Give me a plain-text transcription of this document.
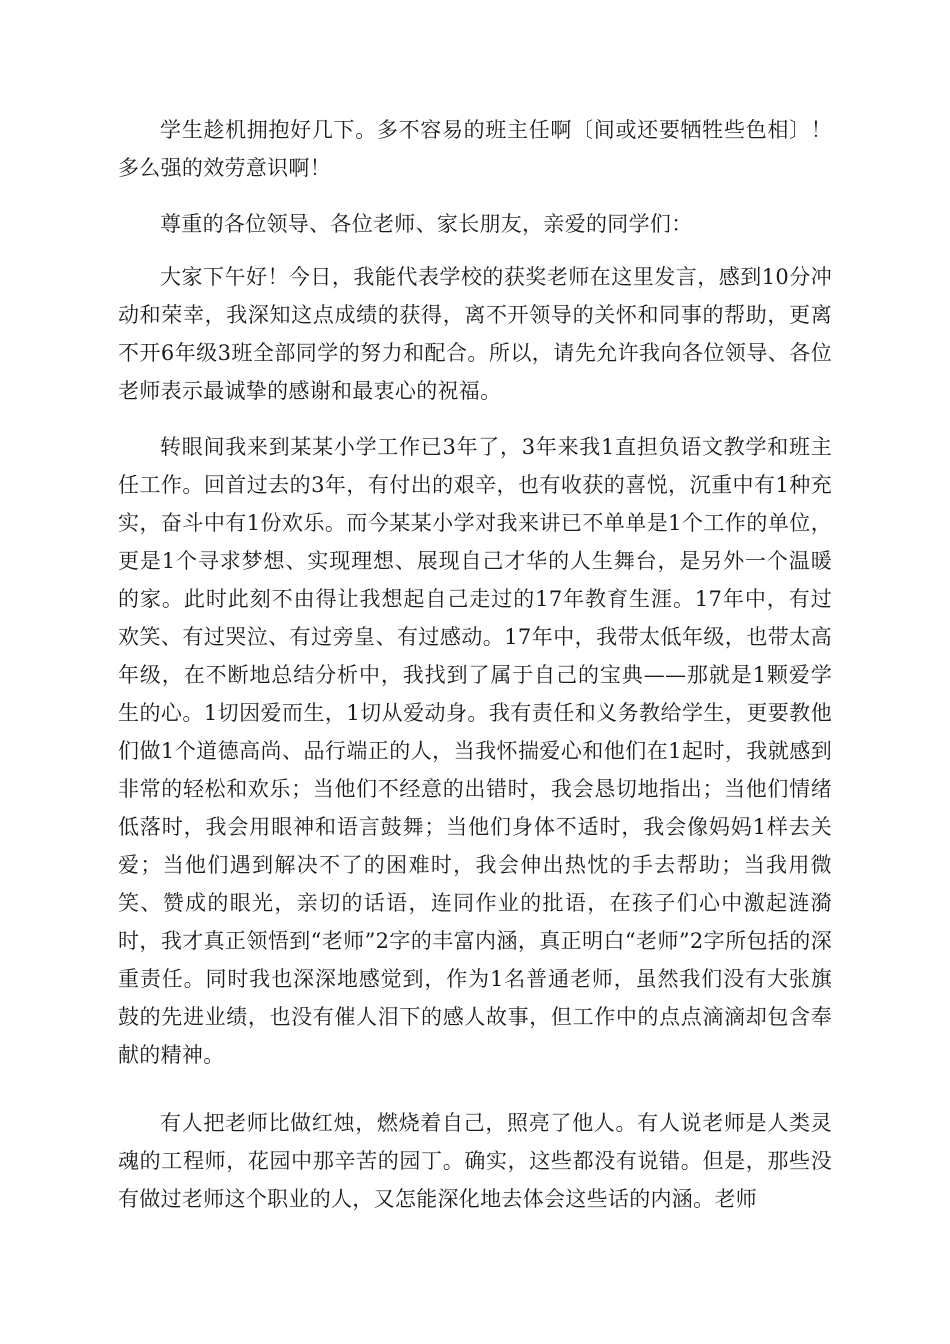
学生趁机拥抱好几下。多不容易的班主任啊〔间或还要牺牲些色相〕！多么强的效劳意识啊！

尊重的各位领导、各位老师、家长朋友，亲爱的同学们：

大家下午好！今日，我能代表学校的获奖老师在这里发言，感到10分冲动和荣幸，我深知这点成绩的获得，离不开领导的关怀和同事的帮助，更离不开6年级3班全部同学的努力和配合。所以，请先允许我向各位领导、各位老师表示最诚挚的感谢和最衷心的祝福。

转眼间我来到某某小学工作已3年了，3年来我1直担负语文教学和班主任工作。回首过去的3年，有付出的艰辛，也有收获的喜悦，沉重中有1种充实，奋斗中有1份欢乐。而今某某小学对我来讲已不单单是1个工作的单位，更是1个寻求梦想、实现理想、展现自己才华的人生舞台，是另外一个温暖的家。此时此刻不由得让我想起自己走过的17年教育生涯。17年中，有过欢笑、有过哭泣、有过旁皇、有过感动。17年中，我带太低年级，也带太高年级，在不断地总结分析中，我找到了属于自己的宝典——那就是1颗爱学生的心。1切因爱而生，1切从爱动身。我有责任和义务教给学生，更要教他们做1个道德高尚、品行端正的人，当我怀揣爱心和他们在1起时，我就感到非常的轻松和欢乐；当他们不经意的出错时，我会恳切地指出；当他们情绪低落时，我会用眼神和语言鼓舞；当他们身体不适时，我会像妈妈1样去关爱；当他们遇到解决不了的困难时，我会伸出热忱的手去帮助；当我用微笑、赞成的眼光，亲切的话语，连同作业的批语，在孩子们心中激起涟漪时，我才真正领悟到“老师”2字的丰富内涵，真正明白“老师”2字所包括的深重责任。同时我也深深地感觉到，作为1名普通老师，虽然我们没有大张旗鼓的先进业绩，也没有催人泪下的感人故事，但工作中的点点滴滴却包含奉献的精神。

有人把老师比做红烛，燃烧着自己，照亮了他人。有人说老师是人类灵魂的工程师，花园中那辛苦的园丁。确实，这些都没有说错。但是，那些没有做过老师这个职业的人，又怎能深化地去体会这些话的内涵。老师
